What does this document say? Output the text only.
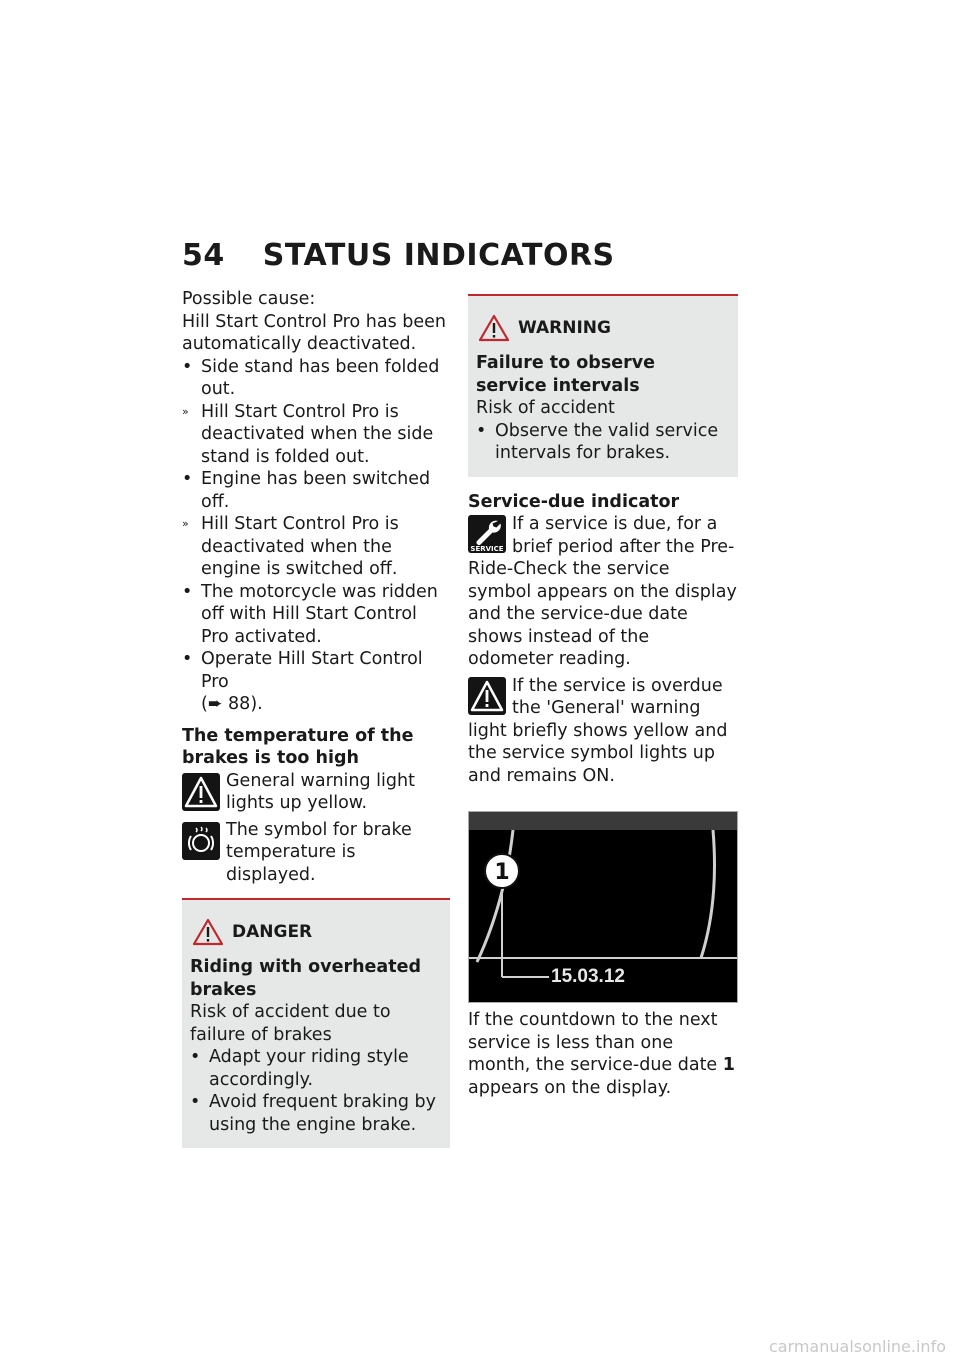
54 STATUS INDICATORS

Possible cause:

Hill Start Control Pro has been automatically deactivated.

• Side stand has been folded out.
» Hill Start Control Pro is deactivated when the side stand is folded out.
• Engine has been switched off.
» Hill Start Control Pro is deactivated when the engine is switched off.
• The motorcycle was ridden off with Hill Start Control Pro activated.
• Operate Hill Start Control Pro

(➨ 88).

The temperature of the brakes is too high

General warning light lights up yellow.

The symbol for brake temperature is displayed.

DANGER

Riding with overheated brakes

Risk of accident due to failure of brakes

• Adapt your riding style accordingly.
• Avoid frequent braking by using the engine brake.
WARNING

Failure to observe service intervals

Risk of accident

• Observe the valid service intervals for brakes.

Service-due indicator

SERVICE

If a service is due, for a brief period after the Pre-Ride-Check the service symbol appears on the display and the service-due date shows instead of the odometer reading.

If the service is overdue the 'General' warning light briefly shows yellow and the service symbol lights up and remains ON.

1
15.03.12

If the countdown to the next service is less than one month, the service-due date 1 appears on the display.

carmanualsonline.info
